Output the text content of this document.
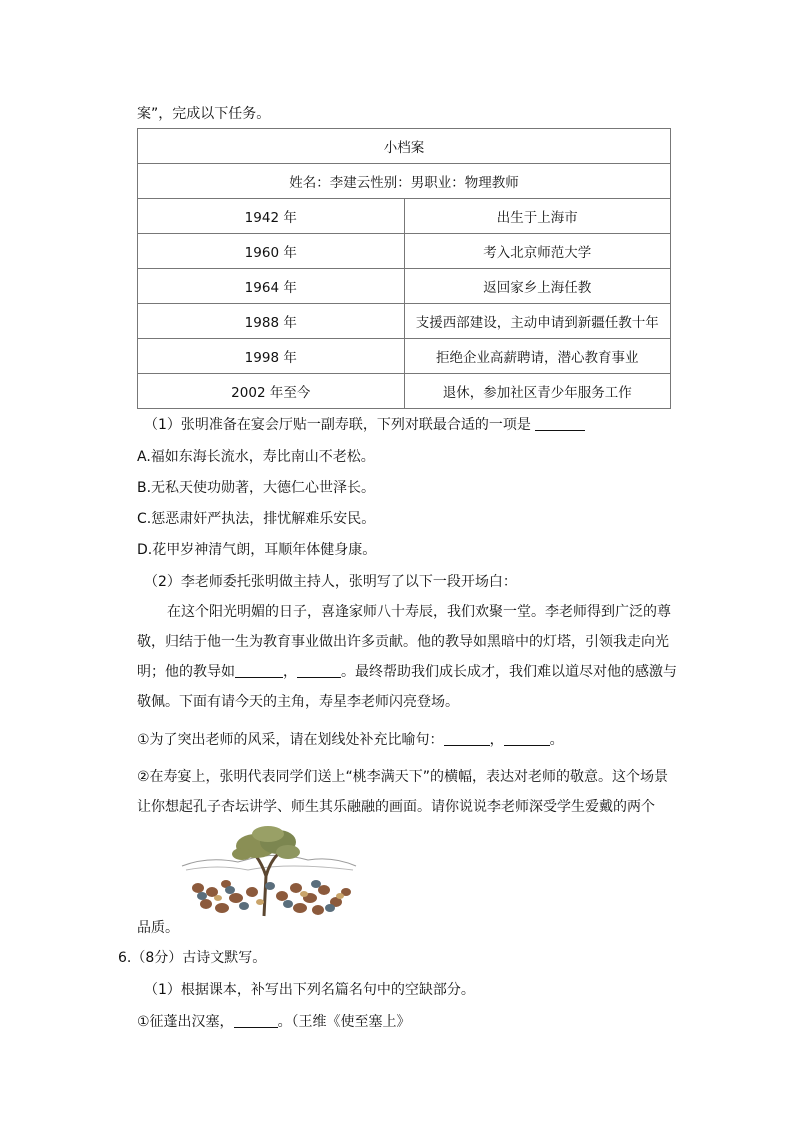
案”，完成以下任务。
小档案	
姓名：李建云性别：男职业：物理教师	
1942 年	出生于上海市
1960 年	考入北京师范大学
1964 年	返回家乡上海任教
1988 年	支援西部建设，主动申请到新疆任教十年
1998 年	拒绝企业高薪聘请，潜心教育事业
2002 年至今	退休，参加社区青少年服务工作
（1）张明准备在宴会厅贴一副寿联，下列对联最合适的一项是
A.福如东海长流水，寿比南山不老松。
B.无私天使功勋著，大德仁心世泽长。
C.惩恶肃奸严执法，排忧解难乐安民。
D.花甲岁神清气朗，耳顺年体健身康。
（2）李老师委托张明做主持人，张明写了以下一段开场白：
在这个阳光明媚的日子，喜逢家师八十寿辰，我们欢聚一堂。李老师得到广泛的尊敬，归结于他一生为教育事业做出许多贡献。他的教导如黑暗中的灯塔，引领我走向光明；他的教导如	，	。最终帮助我们成长成才，我们难以道尽对他的感激与敬佩。下面有请今天的主角，寿星李老师闪亮登场。
①为了突出老师的风采，请在划线处补充比喻句：	，	。
②在寿宴上，张明代表同学们送上“桃李满天下”的横幅，表达对老师的敬意。这个场景让你想起孔子杏坛讲学、师生其乐融融的画面。请你说说李老师深受学生爱戴的两个
品质。
6.（8分）古诗文默写。
（1）根据课本，补写出下列名篇名句中的空缺部分。
①征蓬出汉塞，	。（王维《使至塞上》
